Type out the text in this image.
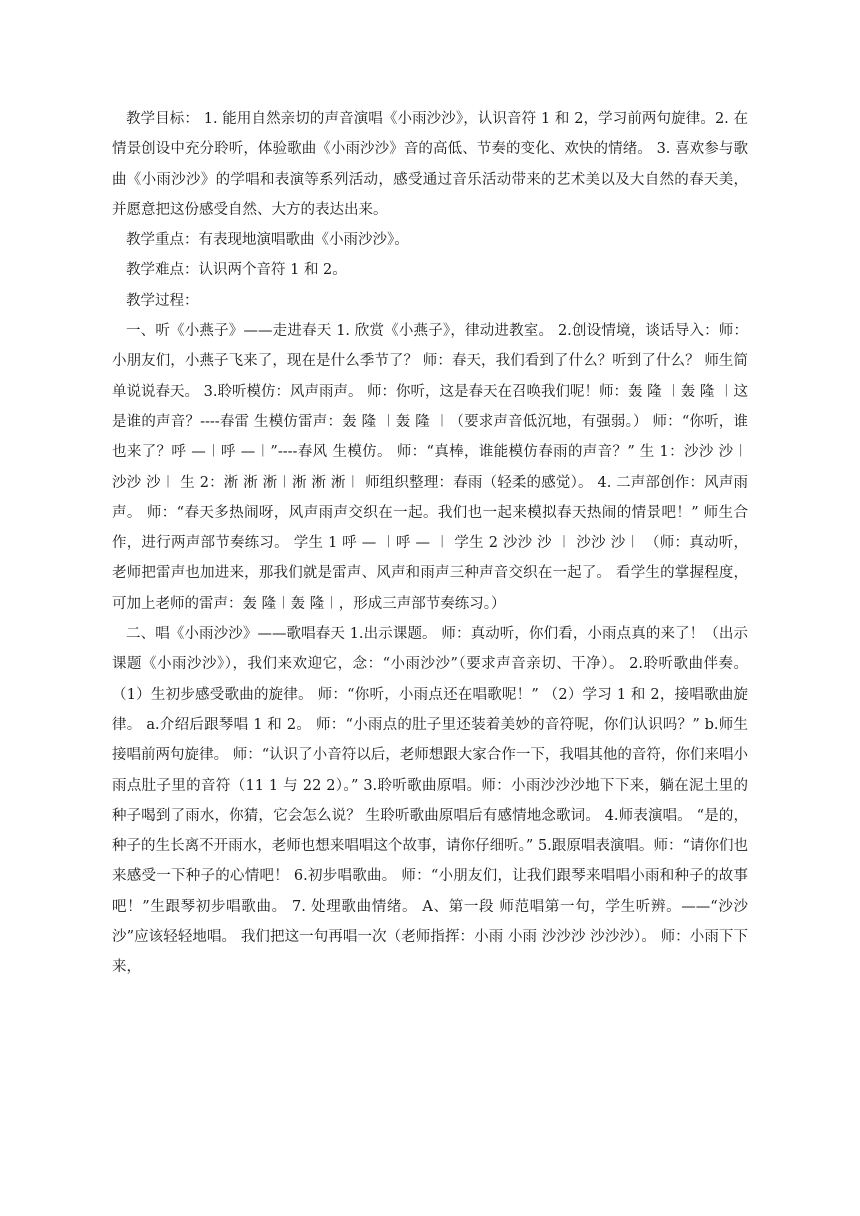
教学目标： 1. 能用自然亲切的声音演唱《小雨沙沙》，认识音符 1 和 2，学习前两句旋律。2. 在情景创设中充分聆听，体验歌曲《小雨沙沙》音的高低、节奏的变化、欢快的情绪。 3. 喜欢参与歌曲《小雨沙沙》的学唱和表演等系列活动，感受通过音乐活动带来的艺术美以及大自然的春天美，并愿意把这份感受自然、大方的表达出来。

教学重点：有表现地演唱歌曲《小雨沙沙》。

教学难点：认识两个音符 1 和 2。

教学过程：

一、听《小燕子》——走进春天 1. 欣赏《小燕子》，律动进教室。 2.创设情境，谈话导入：师：小朋友们，小燕子飞来了，现在是什么季节了？ 师：春天，我们看到了什么？听到了什么？ 师生简单说说春天。 3.聆听模仿：风声雨声。 师：你听，这是春天在召唤我们呢！师：轰 隆 ︱轰 隆 ︱这是谁的声音？----春雷 生模仿雷声：轰 隆 ︱轰 隆 ︱（要求声音低沉地，有强弱。） 师：“你听，谁也来了？呼 —︱呼 —︱”----春风 生模仿。 师：“真棒，谁能模仿春雨的声音？” 生 1：沙沙 沙︱ 沙沙 沙︱ 生 2：淅 淅 淅︱淅 淅 淅︱ 师组织整理：春雨（轻柔的感觉）。 4. 二声部创作：风声雨声。 师：“春天多热闹呀，风声雨声交织在一起。我们也一起来模拟春天热闹的情景吧！” 师生合作，进行两声部节奏练习。 学生 1 呼 — ︱呼 — ︱ 学生 2 沙沙 沙 ︱ 沙沙 沙︱ （师：真动听，老师把雷声也加进来，那我们就是雷声、风声和雨声三种声音交织在一起了。 看学生的掌握程度，可加上老师的雷声：轰 隆︱轰 隆︱，形成三声部节奏练习。）

二、唱《小雨沙沙》——歌唱春天 1.出示课题。 师：真动听，你们看，小雨点真的来了！（出示课题《小雨沙沙》），我们来欢迎它，念：“小雨沙沙”（要求声音亲切、干净）。 2.聆听歌曲伴奏。 （1）生初步感受歌曲的旋律。 师：“你听，小雨点还在唱歌呢！” （2）学习 1 和 2，接唱歌曲旋律。 a.介绍后跟琴唱 1 和 2。 师：“小雨点的肚子里还装着美妙的音符呢，你们认识吗？” b.师生接唱前两句旋律。 师：“认识了小音符以后，老师想跟大家合作一下，我唱其他的音符，你们来唱小雨点肚子里的音符（11 1 与 22 2）。” 3.聆听歌曲原唱。师：小雨沙沙沙地下下来，躺在泥土里的种子喝到了雨水，你猜，它会怎么说？ 生聆听歌曲原唱后有感情地念歌词。 4.师表演唱。 “是的，种子的生长离不开雨水，老师也想来唱唱这个故事，请你仔细听。” 5.跟原唱表演唱。师：“请你们也来感受一下种子的心情吧！ 6.初步唱歌曲。 师：“小朋友们，让我们跟琴来唱唱小雨和种子的故事吧！”生跟琴初步唱歌曲。 7. 处理歌曲情绪。 A、第一段 师范唱第一句，学生听辨。——“沙沙沙”应该轻轻地唱。 我们把这一句再唱一次（老师指挥：小雨 小雨 沙沙沙 沙沙沙）。 师：小雨下下来，
